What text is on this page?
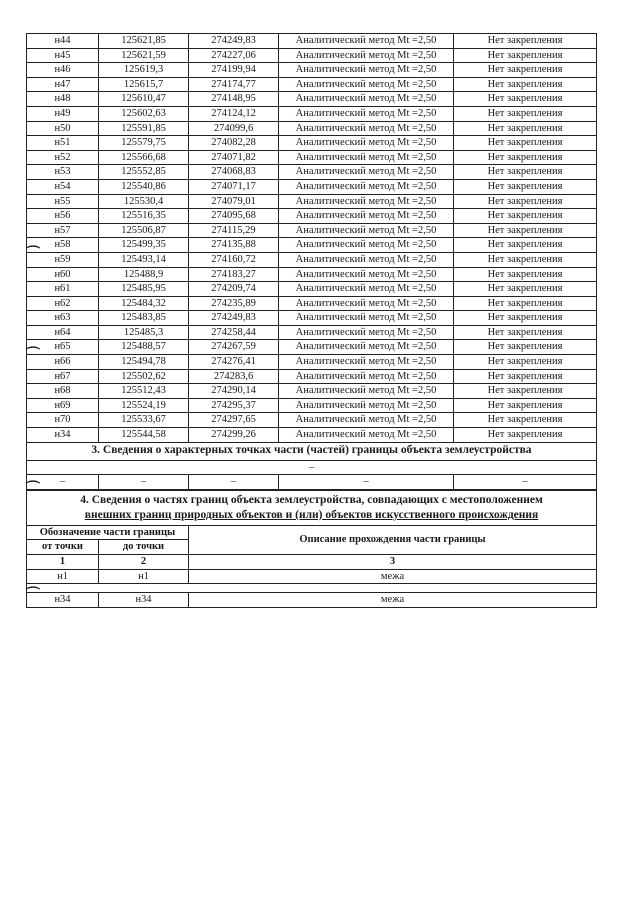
н44	125621,85	274249,83	Аналитический метод Mt =2,50	Нет закрепления
н45	125621,59	274227,06	Аналитический метод Mt =2,50	Нет закрепления
н46	125619,3	274199,94	Аналитический метод Mt =2,50	Нет закрепления
н47	125615,7	274174,77	Аналитический метод Mt =2,50	Нет закрепления
н48	125610,47	274148,95	Аналитический метод Mt =2,50	Нет закрепления
н49	125602,63	274124,12	Аналитический метод Mt =2,50	Нет закрепления
н50	125591,85	274099,6	Аналитический метод Mt =2,50	Нет закрепления
н51	125579,75	274082,28	Аналитический метод Mt =2,50	Нет закрепления
н52	125566,68	274071,82	Аналитический метод Mt =2,50	Нет закрепления
н53	125552,85	274068,83	Аналитический метод Mt =2,50	Нет закрепления
н54	125540,86	274071,17	Аналитический метод Mt =2,50	Нет закрепления
н55	125530,4	274079,01	Аналитический метод Mt =2,50	Нет закрепления
н56	125516,35	274095,68	Аналитический метод Mt =2,50	Нет закрепления
н57	125506,87	274115,29	Аналитический метод Mt =2,50	Нет закрепления
н58	125499,35	274135,88	Аналитический метод Mt =2,50	Нет закрепления
н59	125493,14	274160,72	Аналитический метод Mt =2,50	Нет закрепления
н60	125488,9	274183,27	Аналитический метод Mt =2,50	Нет закрепления
н61	125485,95	274209,74	Аналитический метод Mt =2,50	Нет закрепления
н62	125484,32	274235,89	Аналитический метод Mt =2,50	Нет закрепления
н63	125483,85	274249,83	Аналитический метод Mt =2,50	Нет закрепления
н64	125485,3	274258,44	Аналитический метод Mt =2,50	Нет закрепления
н65	125488,57	274267,59	Аналитический метод Mt =2,50	Нет закрепления
н66	125494,78	274276,41	Аналитический метод Mt =2,50	Нет закрепления
н67	125502,62	274283,6	Аналитический метод Mt =2,50	Нет закрепления
н68	125512,43	274290,14	Аналитический метод Mt =2,50	Нет закрепления
н69	125524,19	274295,37	Аналитический метод Mt =2,50	Нет закрепления
н70	125533,67	274297,65	Аналитический метод Mt =2,50	Нет закрепления
н34	125544,58	274299,26	Аналитический метод Mt =2,50	Нет закрепления
3. Сведения о характерных точках части (частей) границы объекта землеустройства				
–				
–	–	–	–	–
4. Сведения о частях границ объекта землеустройства, совпадающих с местоположением
внешних границ природных объектов и (или) объектов искусственного происхождения		
Обозначение части границы		Описание прохождения части границы
от точки	до точки	
1	2	3
н1	н1	межа

н34	н34	межа
⌒
⌒
⌒
⌒
